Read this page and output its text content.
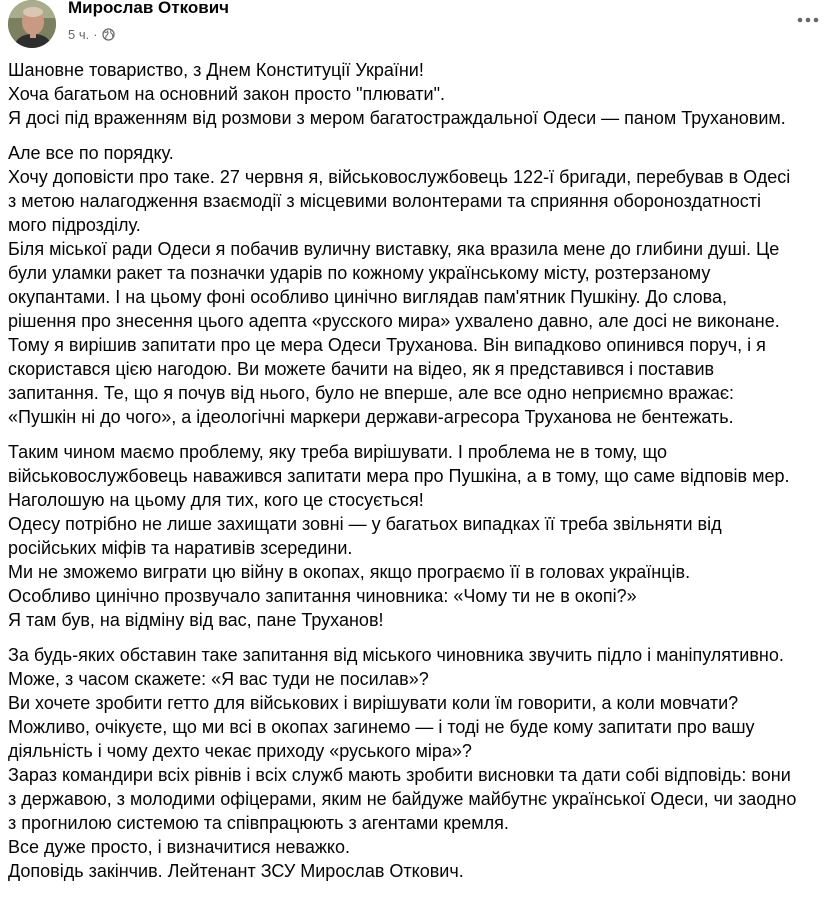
Мирослав Откович
5 ч. ·
Шановне товариство, з Днем Конституції України!
Хоча багатьом на основний закон просто "плювати".
Я досі під враженням від розмови з мером багатостраждальної Одеси — паном Трухановим.
Але все по порядку.
Хочу доповісти про таке. 27 червня я, військовослужбовець 122-ї бригади, перебував в Одесі
з метою налагодження взаємодії з місцевими волонтерами та сприяння обороноздатності
мого підрозділу.
Біля міської ради Одеси я побачив вуличну виставку, яка вразила мене до глибини душі. Це
були уламки ракет та позначки ударів по кожному українському місту, розтерзаному
окупантами. І на цьому фоні особливо цинічно виглядав пам'ятник Пушкіну. До слова,
рішення про знесення цього адепта «русского мира» ухвалено давно, але досі не виконане.
Тому я вирішив запитати про це мера Одеси Труханова. Він випадково опинився поруч, і я
скористався цією нагодою. Ви можете бачити на відео, як я представився і поставив
запитання. Те, що я почув від нього, було не вперше, але все одно неприємно вражає:
«Пушкін ні до чого», а ідеологічні маркери держави-агресора Труханова не бентежать.
Таким чином маємо проблему, яку треба вирішувати. І проблема не в тому, що
військовослужбовець наважився запитати мера про Пушкіна, а в тому, що саме відповів мер.
Наголошую на цьому для тих, кого це стосується!
Одесу потрібно не лише захищати зовні — у багатьох випадках її треба звільняти від
російських міфів та наративів зсередини.
Ми не зможемо виграти цю війну в окопах, якщо програємо її в головах українців.
Особливо цинічно прозвучало запитання чиновника: «Чому ти не в окопі?»
Я там був, на відміну від вас, пане Труханов!
За будь-яких обставин таке запитання від міського чиновника звучить підло і маніпулятивно.
Може, з часом скажете: «Я вас туди не посилав»?
Ви хочете зробити гетто для військових і вирішувати коли їм говорити, а коли мовчати?
Можливо, очікуєте, що ми всі в окопах загинемо — і тоді не буде кому запитати про вашу
діяльність і чому дехто чекає приходу «руського міра»?
Зараз командири всіх рівнів і всіх служб мають зробити висновки та дати собі відповідь: вони
з державою, з молодими офіцерами, яким не байдуже майбутнє української Одеси, чи заодно
з прогнилою системою та співпрацюють з агентами кремля.
Все дуже просто, і визначитися неважко.
Доповідь закінчив. Лейтенант ЗСУ Мирослав Откович.
